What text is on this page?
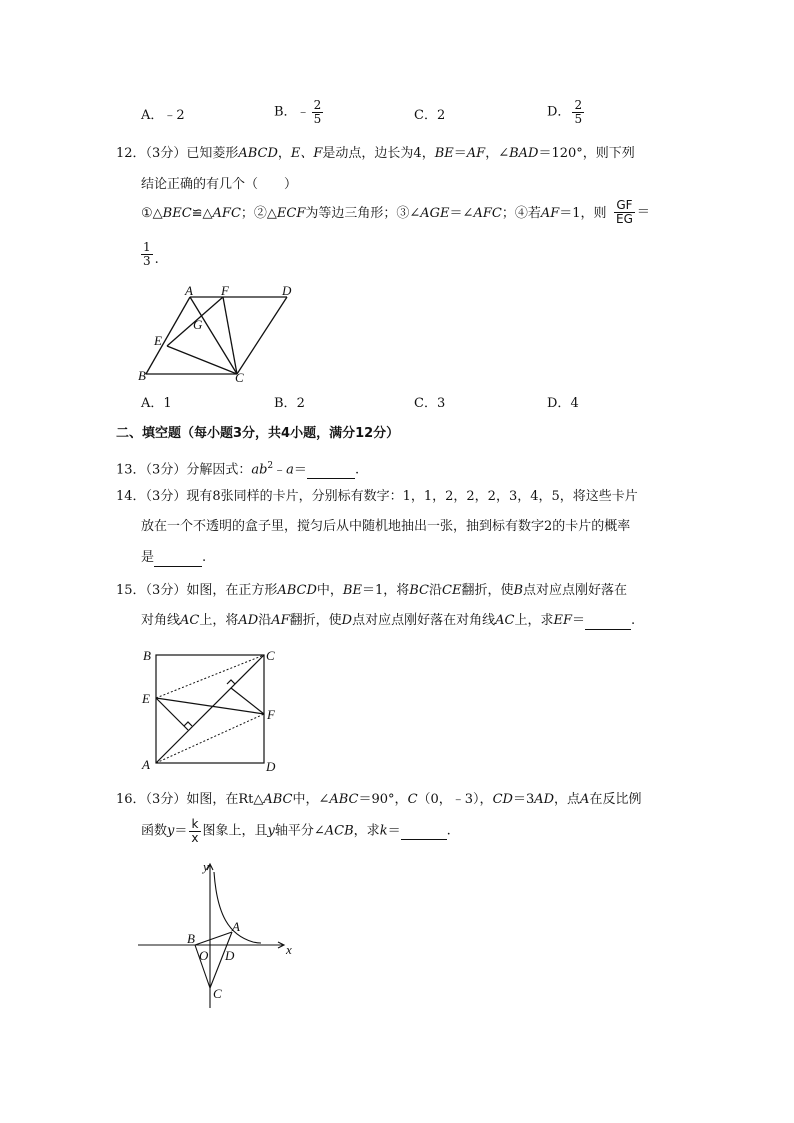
A．﹣2	B．﹣ $\frac{2}{5}$	C．2	D． $\frac{2}{5}$
12．（3分）已知菱形ABCD，E、F是动点，边长为4，BE＝AF，∠BAD＝120°，则下列
结论正确的有几个（　　）
①△BEC≌△AFC；②△ECF为等边三角形；③∠AGE＝∠AFC；④若AF＝1，则 $\frac{GF}{EG}$ ＝
$\frac{1}{3}$ .
A F	D
G
E
B	C
A．1	B．2	C．3	D．4
二、填空题（每小题3分，共4小题，满分12分）
13．（3分）分解因式：$ab^2﹣a=$	.
14．（3分）现有8张同样的卡片，分别标有数字：1，1，2，2，2，3，4，5，将这些卡片
放在一个不透明的盒子里，搅匀后从中随机地抽出一张，抽到标有数字2的卡片的概率
是	.
15．（3分）如图，在正方形ABCD中，BE＝1，将BC沿CE翻折，使B点对应点刚好落在
对角线AC上，将AD沿AF翻折，使D点对应点刚好落在对角线AC上，求EF＝	.
B	C
E
F
A	D
16．（3分）如图，在Rt△ABC中，∠ABC＝90°，C（0，﹣3），CD＝3AD，点A在反比例
函数$y= \frac{k}{x}$ 图象上，且y轴平分∠ACB，求k＝	.
y
x
A
B
O D
C
